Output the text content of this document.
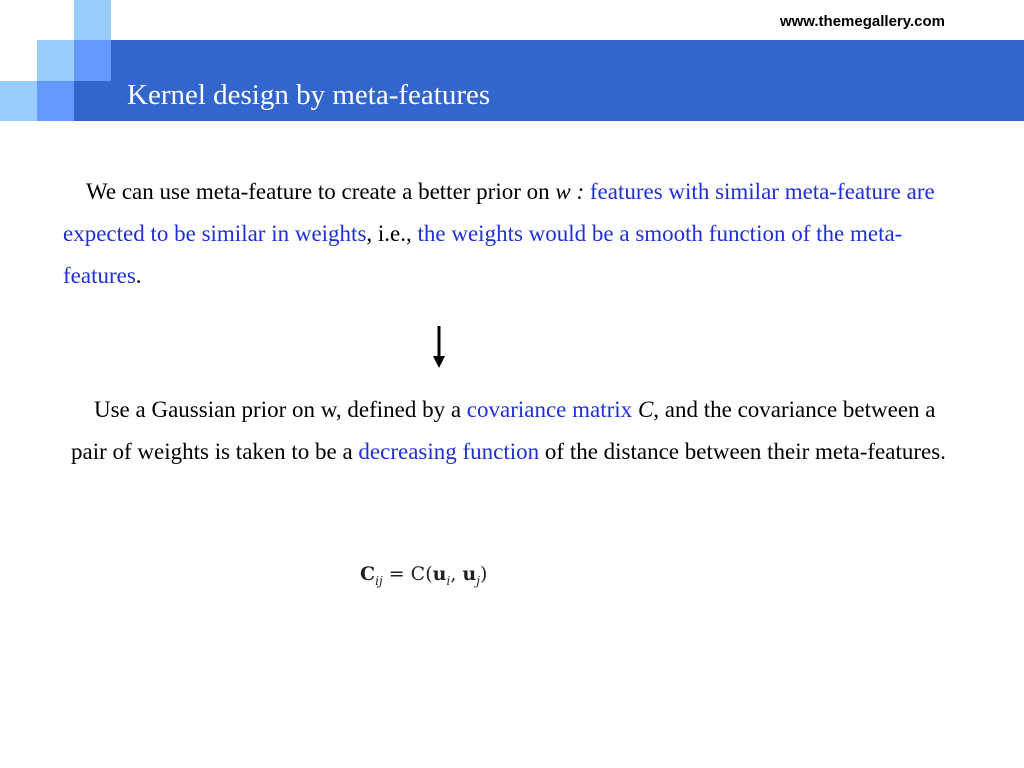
www.themegallery.com
Kernel design by meta-features

We can use meta-feature to create a better prior on w : features with similar meta-feature are expected to be similar in weights, i.e., the weights would be a smooth function of the meta-features.

Use a Gaussian prior on w, defined by a covariance matrix C, and the covariance between a pair of weights is taken to be a decreasing function of the distance between their meta-features.

$C_{ij} = C(u_i$, $u_j$)
